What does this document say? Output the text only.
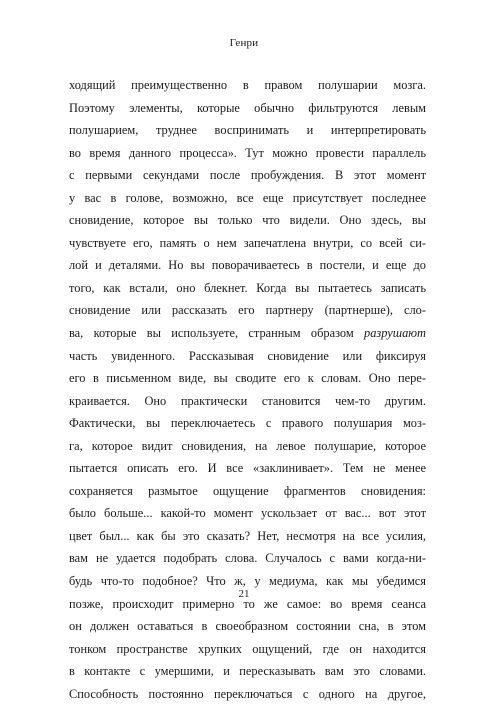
Генри
ходящий преимущественно в правом полушарии мозга.
Поэтому элементы, которые обычно фильтруются левым
полушарием, труднее воспринимать и интерпретировать
во время данного процесса». Тут можно провести параллель
с первыми секундами после пробуждения. В этот момент
у вас в голове, возможно, все еще присутствует последнее
сновидение, которое вы только что видели. Оно здесь, вы
чувствуете его, память о нем запечатлена внутри, со всей си-
лой и деталями. Но вы поворачиваетесь в постели, и еще до
того, как встали, оно блекнет. Когда вы пытаетесь записать
сновидение или рассказать его партнеру (партнерше), сло-
ва, которые вы используете, странным образом разрушают
часть увиденного. Рассказывая сновидение или фиксируя
его в письменном виде, вы сводите его к словам. Оно пере-
краивается. Оно практически становится чем-то другим.
Фактически, вы переключаетесь с правого полушария моз-
га, которое видит сновидения, на левое полушарие, которое
пытается описать его. И все «заклинивает». Тем не менее
сохраняется размытое ощущение фрагментов сновидения:
было больше... какой-то момент ускользает от вас... вот этот
цвет был... как бы это сказать? Нет, несмотря на все усилия,
вам не удается подобрать слова. Случалось с вами когда-ни-
будь что-то подобное? Что ж, у медиума, как мы убедимся
позже, происходит примерно то же самое: во время сеанса
он должен оставаться в своеобразном состоянии сна, в этом
тонком пространстве хрупких ощущений, где он находится
в контакте с умершими, и пересказывать вам это словами.
Способность постоянно переключаться с одного на другое,
21
